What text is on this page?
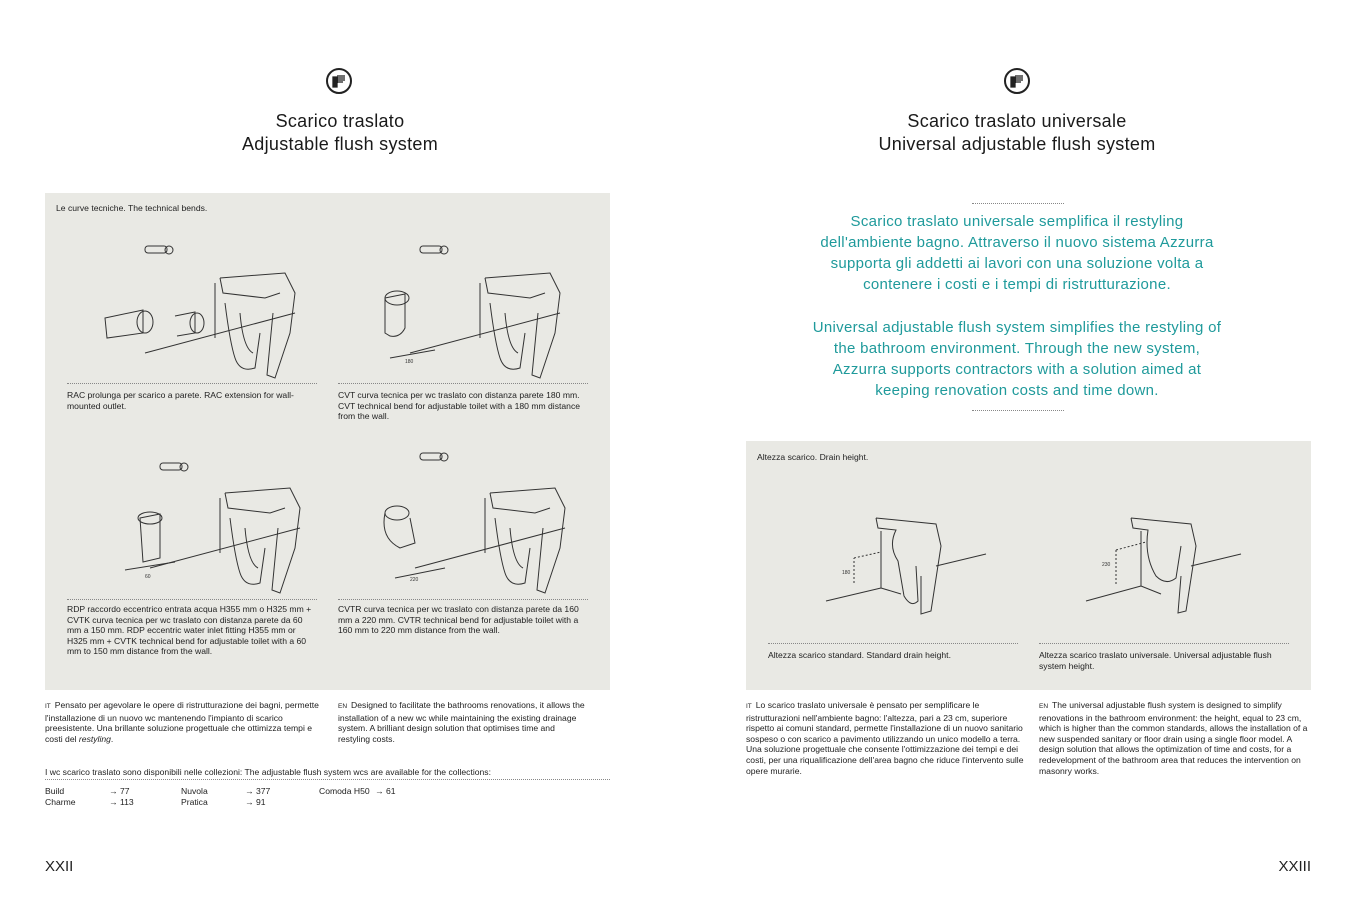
Scarico traslato
Adjustable flush system
Le curve tecniche. The technical bends.
RAC prolunga per scarico a parete. RAC extension for wall-mounted outlet.
180
CVT curva tecnica per wc traslato con distanza parete 180 mm. CVT technical bend for adjustable toilet with a 180 mm distance from the wall.
60
RDP raccordo eccentrico entrata acqua H355 mm o H325 mm + CVTK curva tecnica per wc traslato con distanza parete da 60 mm a 150 mm. RDP eccentric water inlet fitting H355 mm or H325 mm + CVTK technical bend for adjustable toilet with a 60 mm to 150 mm distance from the wall.
220
CVTR curva tecnica per wc traslato con distanza parete da 160 mm a 220 mm. CVTR technical bend for adjustable toilet with a 160 mm to 220 mm distance from the wall.
IT Pensato per agevolare le opere di ristrutturazione dei bagni, permette l'installazione di un nuovo wc mantenendo l'impianto di scarico preesistente. Una brillante soluzione progettuale che ottimizza tempi e costi del restyling.
EN Designed to facilitate the bathrooms renovations, it allows the installation of a new wc while maintaining the existing drainage system. A brilliant design solution that optimises time and restyling costs.
I wc scarico traslato sono disponibili nelle collezioni: The adjustable flush system wcs are available for the collections:
Build	→ 77	Nuvola	→ 377	Comoda H50	→ 61
Charme	→ 113	Pratica	→ 91		
XXII
Scarico traslato universale
Universal adjustable flush system
Scarico traslato universale semplifica il restyling dell'ambiente bagno. Attraverso il nuovo sistema Azzurra supporta gli addetti ai lavori con una soluzione volta a contenere i costi e i tempi di ristrutturazione.
Universal adjustable flush system simplifies the restyling of the bathroom environment. Through the new system, Azzurra supports contractors with a solution aimed at keeping renovation costs and time down.
Altezza scarico. Drain height.
180
Altezza scarico standard. Standard drain height.
230
Altezza scarico traslato universale. Universal adjustable flush system height.
IT Lo scarico traslato universale è pensato per semplificare le ristrutturazioni nell'ambiente bagno: l'altezza, pari a 23 cm, superiore rispetto ai comuni standard, permette l'installazione di un nuovo sanitario sospeso o con scarico a pavimento utilizzando un unico modello a terra. Una soluzione progettuale che consente l'ottimizzazione dei tempi e dei costi, per una riqualificazione dell'area bagno che riduce l'intervento sulle opere murarie.
EN The universal adjustable flush system is designed to simplify renovations in the bathroom environment: the height, equal to 23 cm, which is higher than the common standards, allows the installation of a new suspended sanitary or floor drain using a single floor model. A design solution that allows the optimization of time and costs, for a redevelopment of the bathroom area that reduces the intervention on masonry works.
XXIII
